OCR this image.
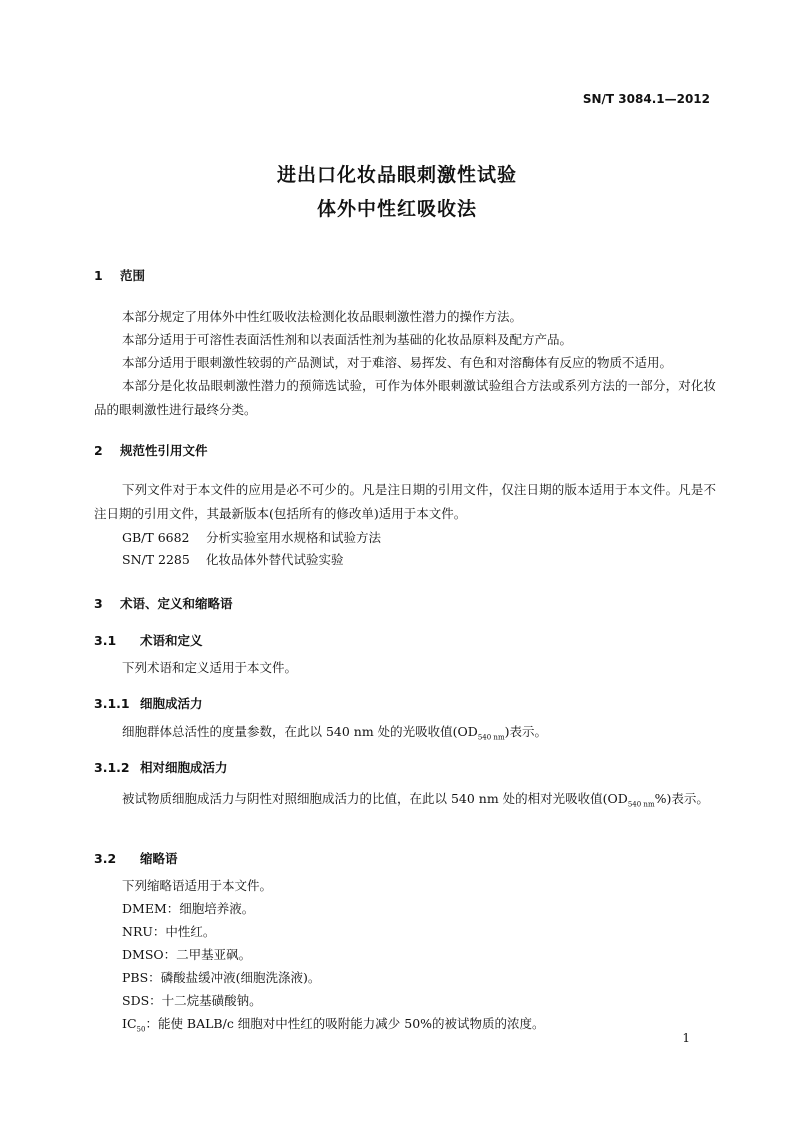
SN/T 3084.1—2012
进出口化妆品眼刺激性试验
体外中性红吸收法
1 范围
本部分规定了用体外中性红吸收法检测化妆品眼刺激性潜力的操作方法。
本部分适用于可溶性表面活性剂和以表面活性剂为基础的化妆品原料及配方产品。
本部分适用于眼刺激性较弱的产品测试，对于难溶、易挥发、有色和对溶酶体有反应的物质不适用。
本部分是化妆品眼刺激性潜力的预筛选试验，可作为体外眼刺激试验组合方法或系列方法的一部分，对化妆品的眼刺激性进行最终分类。
2 规范性引用文件
下列文件对于本文件的应用是必不可少的。凡是注日期的引用文件，仅注日期的版本适用于本文件。凡是不注日期的引用文件，其最新版本(包括所有的修改单)适用于本文件。
GB/T 6682 分析实验室用水规格和试验方法
SN/T 2285 化妆品体外替代试验实验
3 术语、定义和缩略语
3.1 术语和定义
下列术语和定义适用于本文件。
3.1.1 细胞成活力
细胞群体总活性的度量参数，在此以 540 nm 处的光吸收值$(OD_{540 nm})$表示。
3.1.2 相对细胞成活力
被试物质细胞成活力与阴性对照细胞成活力的比值，在此以 540 nm 处的相对光吸收值$(OD_{540 nm}\%)$表示。
3.2 缩略语
下列缩略语适用于本文件。
DMEM：细胞培养液。
NRU：中性红。
DMSO：二甲基亚砜。
PBS：磷酸盐缓冲液(细胞洗涤液)。
SDS：十二烷基磺酸钠。
$IC_{50}$：能使 BALB/c 细胞对中性红的吸附能力减少 50%的被试物质的浓度。
1
